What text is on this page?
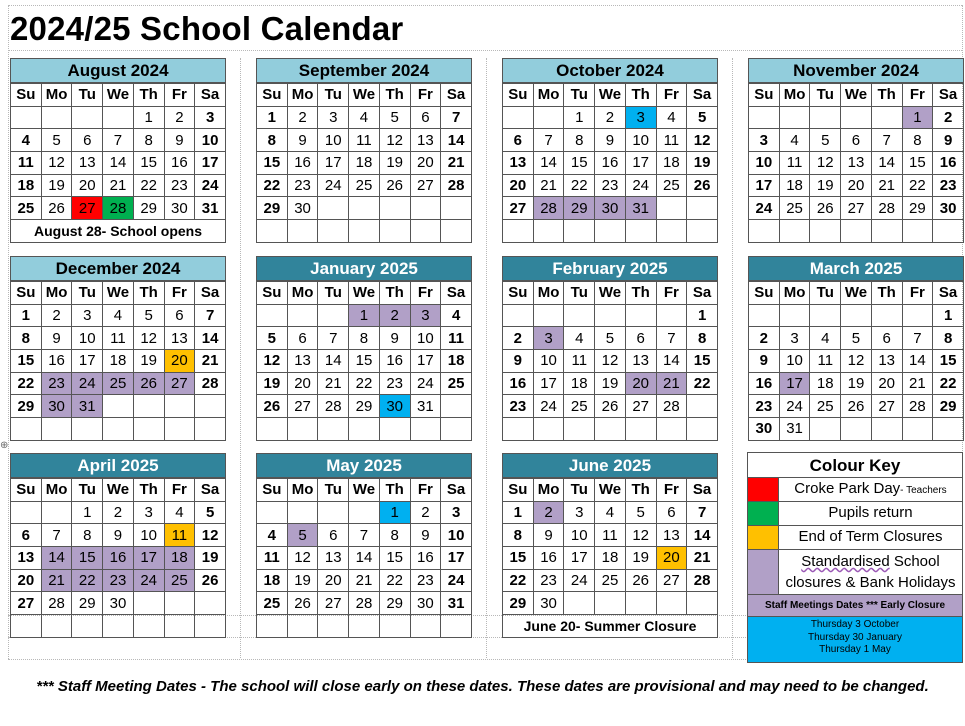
⊕
2024/25 School Calendar
August 2024
Su	Mo	Tu	We	Th	Fr	Sa
				1	2	3
4	5	6	7	8	9	10
11	12	13	14	15	16	17
18	19	20	21	22	23	24
25	26	27	28	29	30	31
August 28- School opens						
September 2024
Su	Mo	Tu	We	Th	Fr	Sa
1	2	3	4	5	6	7
8	9	10	11	12	13	14
15	16	17	18	19	20	21
22	23	24	25	26	27	28
29	30					

October 2024
Su	Mo	Tu	We	Th	Fr	Sa
		1	2	3	4	5
6	7	8	9	10	11	12
13	14	15	16	17	18	19
20	21	22	23	24	25	26
27	28	29	30	31		

November 2024
Su	Mo	Tu	We	Th	Fr	Sa
					1	2
3	4	5	6	7	8	9
10	11	12	13	14	15	16
17	18	19	20	21	22	23
24	25	26	27	28	29	30

December 2024
Su	Mo	Tu	We	Th	Fr	Sa
1	2	3	4	5	6	7
8	9	10	11	12	13	14
15	16	17	18	19	20	21
22	23	24	25	26	27	28
29	30	31				

January 2025
Su	Mo	Tu	We	Th	Fr	Sa
			1	2	3	4
5	6	7	8	9	10	11
12	13	14	15	16	17	18
19	20	21	22	23	24	25
26	27	28	29	30	31	

February 2025
Su	Mo	Tu	We	Th	Fr	Sa
						1
2	3	4	5	6	7	8
9	10	11	12	13	14	15
16	17	18	19	20	21	22
23	24	25	26	27	28	

March 2025
Su	Mo	Tu	We	Th	Fr	Sa
						1
2	3	4	5	6	7	8
9	10	11	12	13	14	15
16	17	18	19	20	21	22
23	24	25	26	27	28	29
30	31					
April 2025
Su	Mo	Tu	We	Th	Fr	Sa
		1	2	3	4	5
6	7	8	9	10	11	12
13	14	15	16	17	18	19
20	21	22	23	24	25	26
27	28	29	30			

May 2025
Su	Mo	Tu	We	Th	Fr	Sa
				1	2	3
4	5	6	7	8	9	10
11	12	13	14	15	16	17
18	19	20	21	22	23	24
25	26	27	28	29	30	31

June 2025
Su	Mo	Tu	We	Th	Fr	Sa
1	2	3	4	5	6	7
8	9	10	11	12	13	14
15	16	17	18	19	20	21
22	23	24	25	26	27	28
29	30					
June 20- Summer Closure						
Colour Key
Croke Park Day- Teachers
Pupils return
End of Term Closures
Standardised School closures & Bank Holidays
Staff Meetings Dates *** Early Closure
Thursday 3 October
Thursday 30 January
Thursday 1 May
*** Staff Meeting Dates - The school will close early on these dates. These dates are provisional and may need to be changed.
